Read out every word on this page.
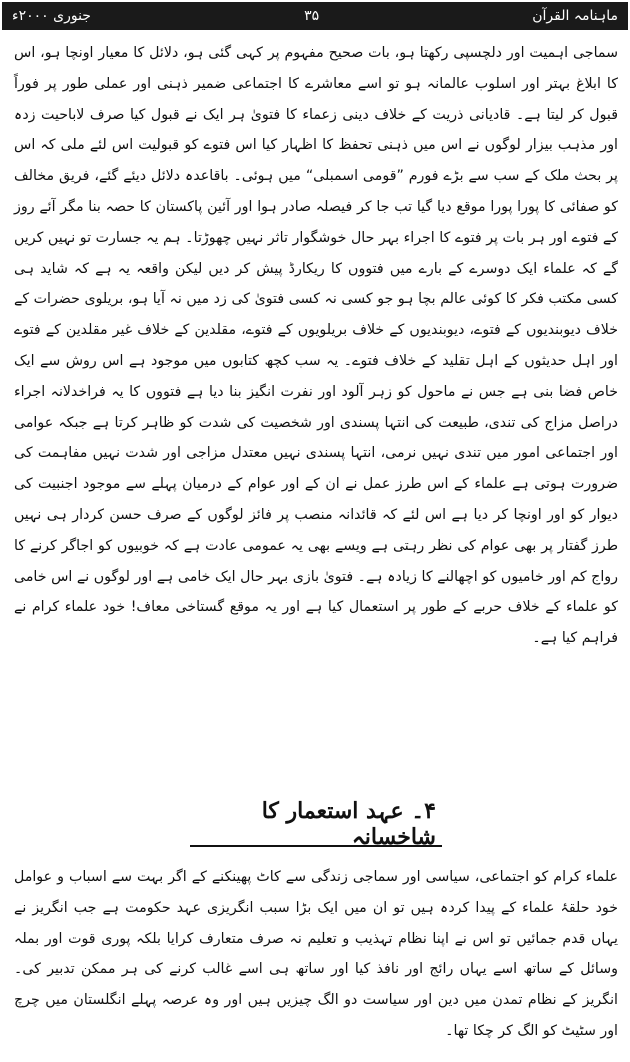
ماہنامہ القرآن
۳۵
جنوری ۲۰۰۰ء

سماجی اہمیت اور دلچسپی رکھتا ہو، بات صحیح مفہوم پر کہی گئی ہو، دلائل کا معیار اونچا ہو، اس کا ابلاغ بہتر اور اسلوب عالمانہ ہو تو اسے معاشرے کا اجتماعی ضمیر ذہنی اور عملی طور پر فوراً قبول کر لیتا ہے۔ قادیانی ذریت کے خلاف دینی زعماء کا فتویٰ ہر ایک نے قبول کیا صرف لاباحیت زدہ اور مذہب بیزار لوگوں نے اس میں ذہنی تحفظ کا اظہار کیا اس فتوے کو قبولیت اس لئے ملی کہ اس پر بحث ملک کے سب سے بڑے فورم ”قومی اسمبلی“ میں ہوئی۔ باقاعدہ دلائل دیئے گئے، فریق مخالف کو صفائی کا پورا پورا موقع دیا گیا تب جا کر فیصلہ صادر ہوا اور آئین پاکستان کا حصہ بنا مگر آئے روز کے فتوے اور ہر بات پر فتوے کا اجراء بہر حال خوشگوار تاثر نہیں چھوڑتا۔ ہم یہ جسارت تو نہیں کریں گے کہ علماء ایک دوسرے کے بارے میں فتووں کا ریکارڈ پیش کر دیں لیکن واقعہ یہ ہے کہ شاید ہی کسی مکتب فکر کا کوئی عالم بچا ہو جو کسی نہ کسی فتویٰ کی زد میں نہ آیا ہو، بریلوی حضرات کے خلاف دیوبندیوں کے فتوے، دیوبندیوں کے خلاف بریلویوں کے فتوے، مقلدین کے خلاف غیر مقلدین کے فتوے اور اہل حدیثوں کے اہل تقلید کے خلاف فتوے۔ یہ سب کچھ کتابوں میں موجود ہے اس روش سے ایک خاص فضا بنی ہے جس نے ماحول کو زہر آلود اور نفرت انگیز بنا دیا ہے فتووں کا یہ فراخدلانہ اجراء دراصل مزاج کی تندی، طبیعت کی انتہا پسندی اور شخصیت کی شدت کو ظاہر کرتا ہے جبکہ عوامی اور اجتماعی امور میں تندی نہیں نرمی، انتہا پسندی نہیں معتدل مزاجی اور شدت نہیں مفاہمت کی ضرورت ہوتی ہے علماء کے اس طرز عمل نے ان کے اور عوام کے درمیان پہلے سے موجود اجنبیت کی دیوار کو اور اونچا کر دیا ہے اس لئے کہ قائدانہ منصب پر فائز لوگوں کے صرف حسن کردار ہی نہیں طرز گفتار پر بھی عوام کی نظر رہتی ہے ویسے بھی یہ عمومی عادت ہے کہ خوبیوں کو اجاگر کرنے کا رواج کم اور خامیوں کو اچھالنے کا زیادہ ہے۔ فتویٰ بازی بہر حال ایک خامی ہے اور لوگوں نے اس خامی کو علماء کے خلاف حربے کے طور پر استعمال کیا ہے اور یہ موقع گستاخی معاف! خود علماء کرام نے فراہم کیا ہے۔

۴۔ عہد استعمار کا شاخسانہ

علماء کرام کو اجتماعی، سیاسی اور سماجی زندگی سے کاٹ پھینکنے کے اگر بہت سے اسباب و عوامل خود حلقۂ علماء کے پیدا کردہ ہیں تو ان میں ایک بڑا سبب انگریزی عہد حکومت ہے جب انگریز نے یہاں قدم جمائیں تو اس نے اپنا نظام تہذیب و تعلیم نہ صرف متعارف کرایا بلکہ پوری قوت اور بملہ وسائل کے ساتھ اسے یہاں رائج اور نافذ کیا اور ساتھ ہی اسے غالب کرنے کی ہر ممکن تدبیر کی۔ انگریز کے نظام تمدن میں دین اور سیاست دو الگ چیزیں ہیں اور وہ عرصہ پہلے انگلستان میں چرچ اور سٹیٹ کو الگ کر چکا تھا۔
